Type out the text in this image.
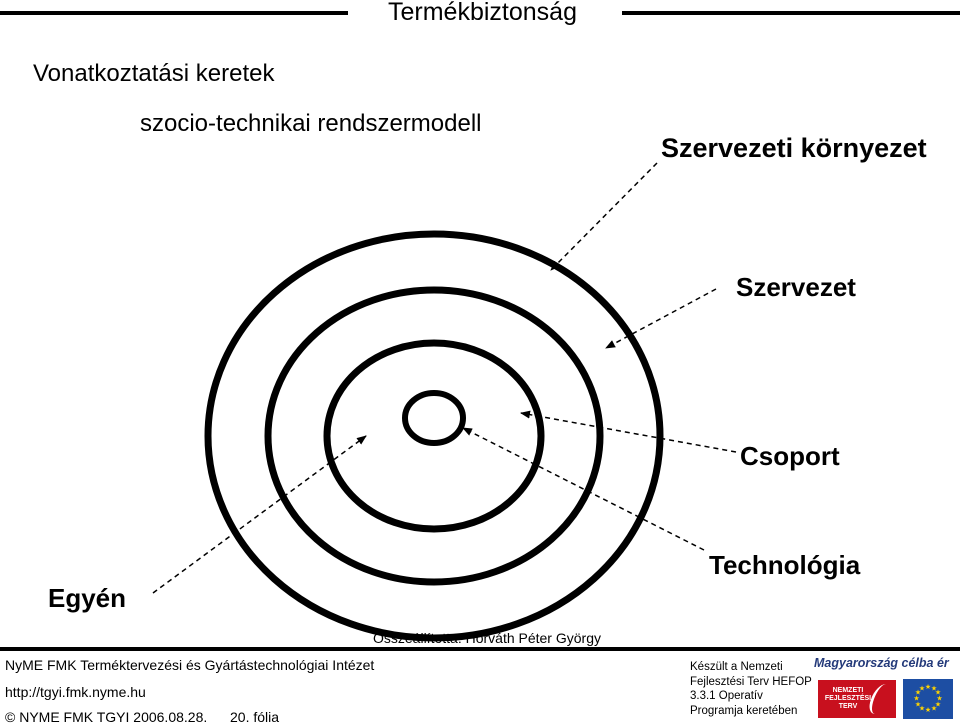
Termékbiztonság
Vonatkoztatási keretek
szocio-technikai rendszermodell
Szervezeti környezet
Szervezet
Csoport
Technológia
Egyén
Összeállította: Horváth Péter György
NyME FMK Terméktervezési és Gyártástechnológiai Intézet
http://tgyi.fmk.nyme.hu
© NYME FMK TGYI 2006.08.28. 20. fólia
Készült a Nemzeti Fejlesztési Terv HEFOP 3.3.1 Operatív Programja keretében
Magyarország célba ér
NEMZETI FEJLESZTÉSI TERV
★ ★
★
★
★
★
★
★
★
★
★
★
